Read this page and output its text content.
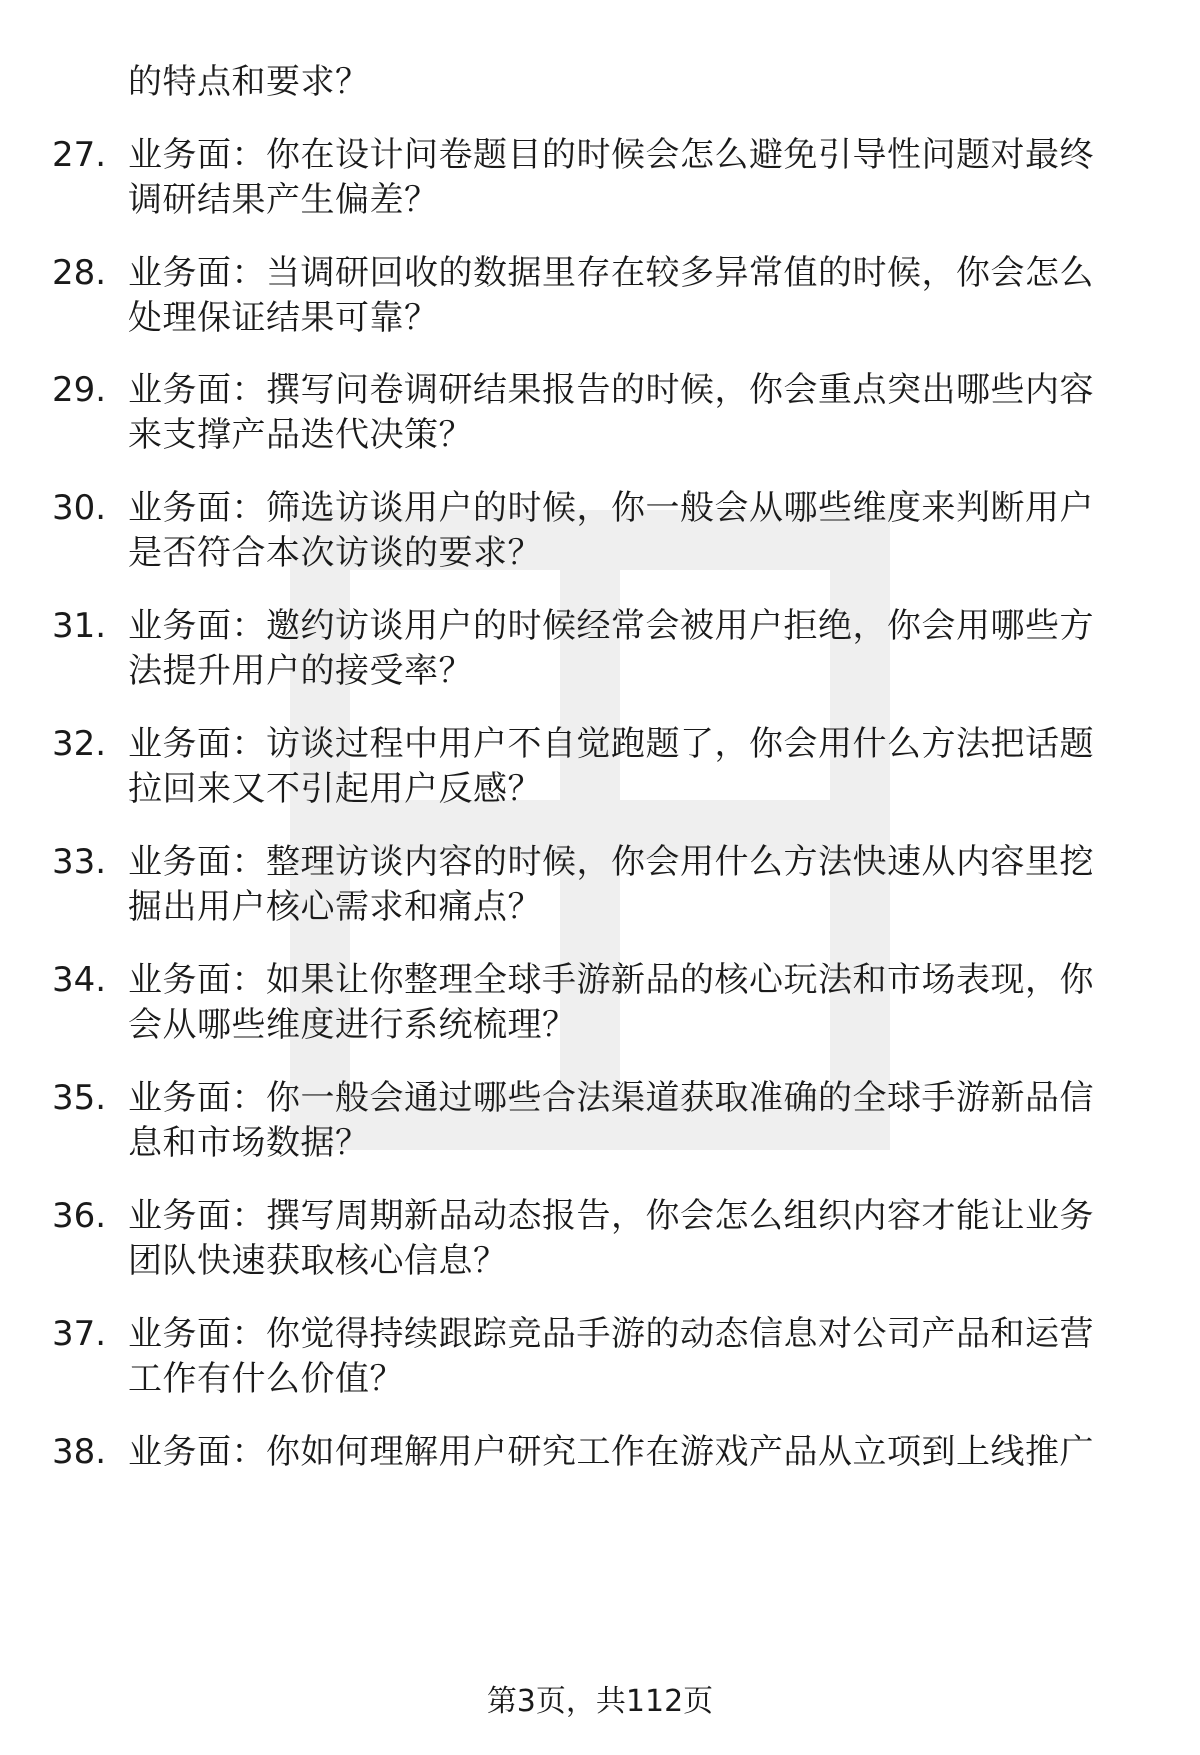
的特点和要求？
27. 业务面：你在设计问卷题目的时候会怎么避免引导性问题对最终
调研结果产生偏差？
28. 业务面：当调研回收的数据里存在较多异常值的时候，你会怎么
处理保证结果可靠？
29. 业务面：撰写问卷调研结果报告的时候，你会重点突出哪些内容
来支撑产品迭代决策？
30. 业务面：筛选访谈用户的时候，你一般会从哪些维度来判断用户
是否符合本次访谈的要求？
31. 业务面：邀约访谈用户的时候经常会被用户拒绝，你会用哪些方
法提升用户的接受率？
32. 业务面：访谈过程中用户不自觉跑题了，你会用什么方法把话题
拉回来又不引起用户反感？
33. 业务面：整理访谈内容的时候，你会用什么方法快速从内容里挖
掘出用户核心需求和痛点？
34. 业务面：如果让你整理全球手游新品的核心玩法和市场表现，你
会从哪些维度进行系统梳理？
35. 业务面：你一般会通过哪些合法渠道获取准确的全球手游新品信
息和市场数据？
36. 业务面：撰写周期新品动态报告，你会怎么组织内容才能让业务
团队快速获取核心信息？
37. 业务面：你觉得持续跟踪竞品手游的动态信息对公司产品和运营
工作有什么价值？
38. 业务面：你如何理解用户研究工作在游戏产品从立项到上线推广
第3页，共112页
